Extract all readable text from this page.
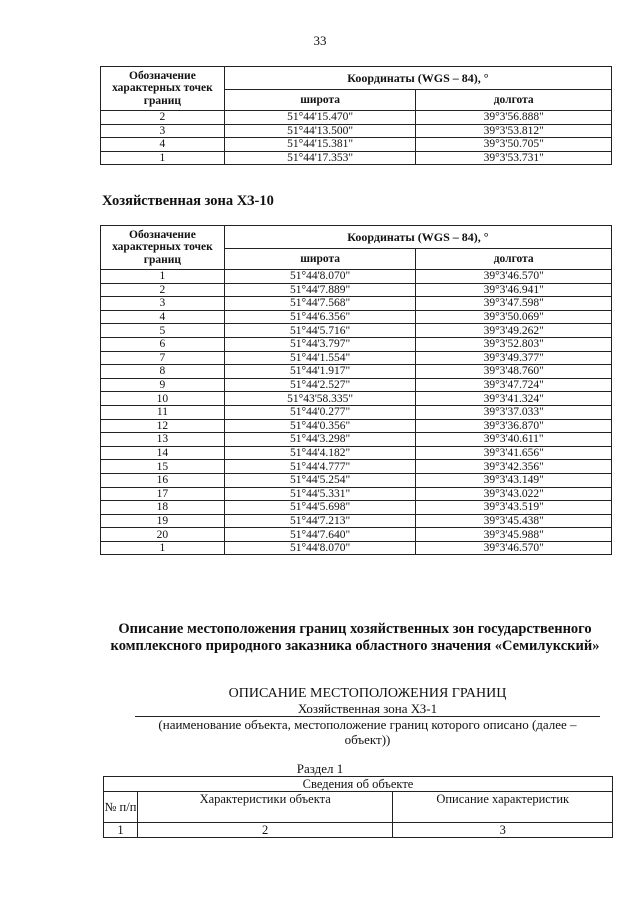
33
Обозначение характерных точек границ	Координаты (WGS – 84), °	
	широта	долгота
2	51°44'15.470"	39°3'56.888"
3	51°44'13.500"	39°3'53.812"
4	51°44'15.381"	39°3'50.705"
1	51°44'17.353"	39°3'53.731"
Хозяйственная зона ХЗ-10
Обозначение характерных точек границ	Координаты (WGS – 84), °	
	широта	долгота
1	51°44'8.070"	39°3'46.570"
2	51°44'7.889"	39°3'46.941"
3	51°44'7.568"	39°3'47.598"
4	51°44'6.356"	39°3'50.069"
5	51°44'5.716"	39°3'49.262"
6	51°44'3.797"	39°3'52.803"
7	51°44'1.554"	39°3'49.377"
8	51°44'1.917"	39°3'48.760"
9	51°44'2.527"	39°3'47.724"
10	51°43'58.335"	39°3'41.324"
11	51°44'0.277"	39°3'37.033"
12	51°44'0.356"	39°3'36.870"
13	51°44'3.298"	39°3'40.611"
14	51°44'4.182"	39°3'41.656"
15	51°44'4.777"	39°3'42.356"
16	51°44'5.254"	39°3'43.149"
17	51°44'5.331"	39°3'43.022"
18	51°44'5.698"	39°3'43.519"
19	51°44'7.213"	39°3'45.438"
20	51°44'7.640"	39°3'45.988"
1	51°44'8.070"	39°3'46.570"
Описание местоположения границ хозяйственных зон государственного комплексного природного заказника областного значения «Семилукский»
ОПИСАНИЕ МЕСТОПОЛОЖЕНИЯ ГРАНИЦ
Хозяйственная зона ХЗ-1
(наименование объекта, местоположение границ которого описано (далее – объект))
Раздел 1
Сведения об объекте		
№ п/п	Характеристики объекта	Описание характеристик
1	2	3
